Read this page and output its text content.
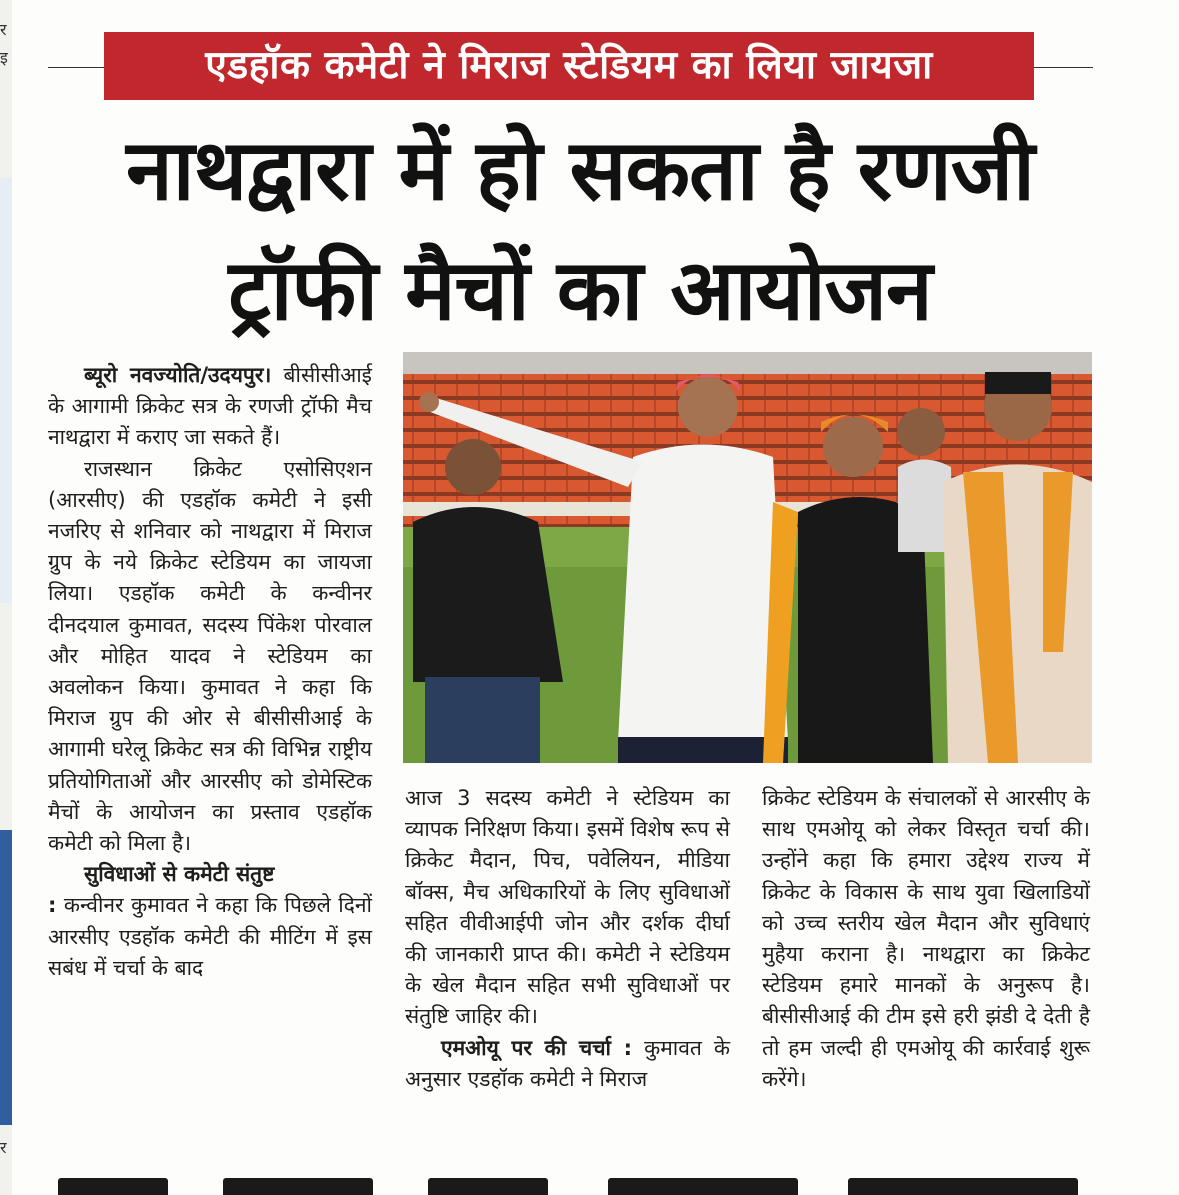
र
इ
र
एडहॉक कमेटी ने मिराज स्टेडियम का लिया जायजा
नाथद्वारा में हो सकता है रणजी
ट्रॉफी मैचों का आयोजन

ब्यूरो नवज्योति/उदयपुर। बीसीसीआई के आगामी क्रिकेट सत्र के रणजी ट्रॉफी मैच नाथद्वारा में कराए जा सकते हैं।

राजस्थान क्रिकेट एसोसिएशन (आरसीए) की एडहॉक कमेटी ने इसी नजरिए से शनिवार को नाथद्वारा में मिराज ग्रुप के नये क्रिकेट स्टेडियम का जायजा लिया। एडहॉक कमेटी के कन्वीनर दीनदयाल कुमावत, सदस्य पिंकेश पोरवाल और मोहित यादव ने स्टेडियम का अवलोकन किया। कुमावत ने कहा कि मिराज ग्रुप की ओर से बीसीसीआई के आगामी घरेलू क्रिकेट सत्र की विभिन्न राष्ट्रीय प्रतियोगिताओं और आरसीए को डोमेस्टिक मैचों के आयोजन का प्रस्ताव एडहॉक कमेटी को मिला है।

सुविधाओं से कमेटी संतुष्ट

: कन्वीनर कुमावत ने कहा कि पिछले दिनों आरसीए एडहॉक कमेटी की मीटिंग में इस सबंध में चर्चा के बाद

आज 3 सदस्य कमेटी ने स्टेडियम का व्यापक निरिक्षण किया। इसमें विशेष रूप से क्रिकेट मैदान, पिच, पवेलियन, मीडिया बॉक्स, मैच अधिकारियों के लिए सुविधाओं सहित वीवीआईपी जोन और दर्शक दीर्घा की जानकारी प्राप्त की। कमेटी ने स्टेडियम के खेल मैदान सहित सभी सुविधाओं पर संतुष्टि जाहिर की।

एमओयू पर की चर्चा : कुमावत के अनुसार एडहॉक कमेटी ने मिराज

क्रिकेट स्टेडियम के संचालकों से आरसीए के साथ एमओयू को लेकर विस्तृत चर्चा की। उन्होंने कहा कि हमारा उद्देश्य राज्य में क्रिकेट के विकास के साथ युवा खिलाडियों को उच्च स्तरीय खेल मैदान और सुविधाएं मुहैया कराना है। नाथद्वारा का क्रिकेट स्टेडियम हमारे मानकों के अनुरूप है। बीसीसीआई की टीम इसे हरी झंडी दे देती है तो हम जल्दी ही एमओयू की कार्रवाई शुरू करेंगे।
